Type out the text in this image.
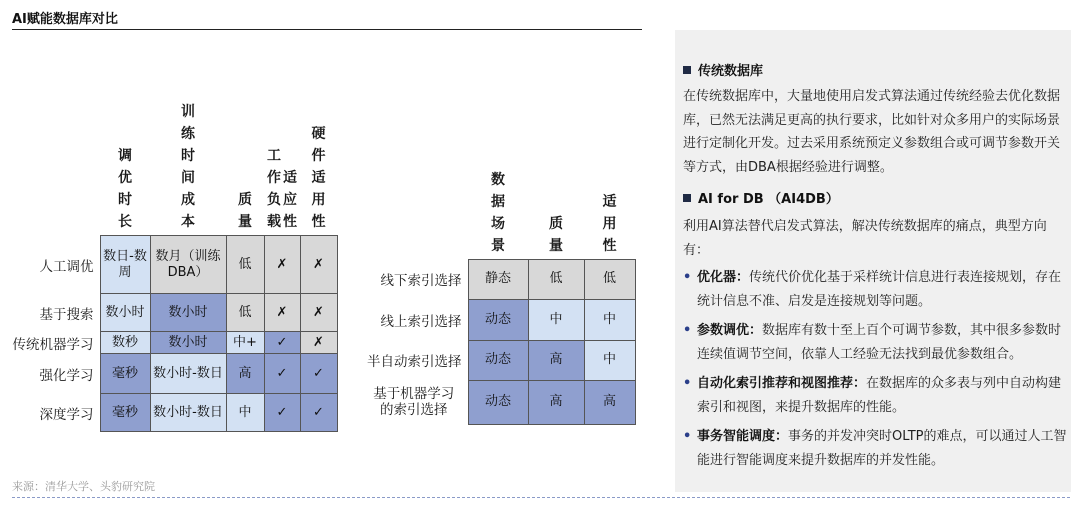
AI赋能数据库对比
	调优时长	训练时间成本	质量	工作负载适应性	硬件适用性
人工调优	数日-数周	数月（训练DBA）	低	✗	✗
基于搜索	数小时	数小时	低	✗	✗
传统机器学习	数秒	数小时	中+	✓	✗
强化学习	毫秒	数小时-数日	高	✓	✓
深度学习	毫秒	数小时-数日	中	✓	✓
	数据场景	质量	适用性
线下索引选择	静态	低	低
线上索引选择	动态	中	中
半自动索引选择	动态	高	中
基于机器学习的索引选择	动态	高	高
来源：清华大学、头豹研究院
传统数据库
在传统数据库中，大量地使用启发式算法通过传统经验去优化数据库，已然无法满足更高的执行要求，比如针对众多用户的实际场景进行定制化开发。过去采用系统预定义参数组合或可调节参数开关等方式，由DBA根据经验进行调整。
AI for DB （AI4DB）
利用AI算法替代启发式算法，解决传统数据库的痛点，典型方向有：
• 优化器：传统代价优化基于采样统计信息进行表连接规划，存在统计信息不准、启发是连接规划等问题。
• 参数调优：数据库有数十至上百个可调节参数，其中很多参数时连续值调节空间，依靠人工经验无法找到最优参数组合。
• 自动化索引推荐和视图推荐：在数据库的众多表与列中自动构建索引和视图，来提升数据库的性能。
• 事务智能调度：事务的并发冲突时OLTP的难点，可以通过人工智能进行智能调度来提升数据库的并发性能。
